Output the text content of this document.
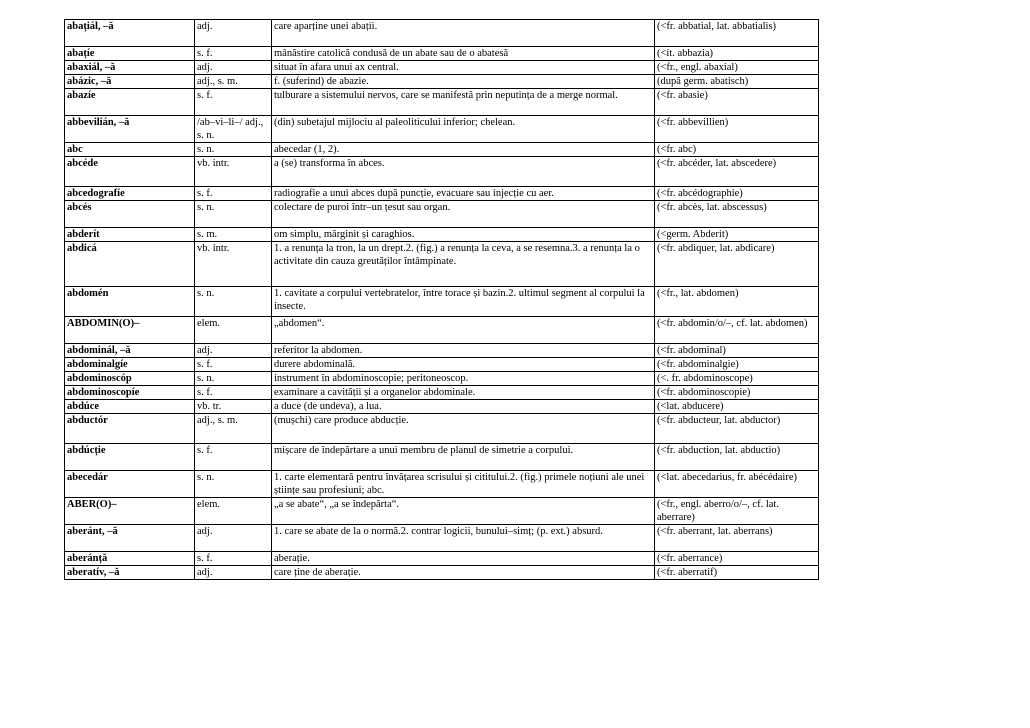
abațiál, –ă	adj.	care aparține unei abații.	(<fr. abbatial, lat. abbatialis)
abațíe	s. f.	mânăstire catolică condusă de un abate sau de o abatesă	(<it. abbazia)
abaxiál, –ă	adj.	situat în afara unui ax central.	(<fr., engl. abaxial)
abázic, –ă	adj., s. m.	f. (suferind) de abazie.	(după germ. abatisch)
abazíe	s. f.	tulburare a sistemului nervos, care se manifestă prin neputința de a merge normal.	(<fr. abasie)
abbevilián, –ă	/ab–vi–li–/ adj., s. n.	(din) subetajul mijlociu al paleoliticului inferior; chelean.	(<fr. abbevillien)
abc	s. n.	abecedar (1, 2).	(<fr. abc)
abcéde	vb. intr.	a (se) transforma în abces.	(<fr. abcéder, lat. abscedere)
abcedografíe	s. f.	radiografie a unui abces după puncție, evacuare sau injecție cu aer.	(<fr. abcédographie)
abcés	s. n.	colectare de puroi într–un țesut sau organ.	(<fr. abcès, lat. abscessus)
abderít	s. m.	om simplu, mărginit și caraghios.	(<germ. Abderit)
abdicá	vb. intr.	1. a renunța la tron, la un drept.2. (fig.) a renunța la ceva, a se resemna.3. a renunța la o activitate din cauza greutăților întâmpinate.	(<fr. abdiquer, lat. abdicare)
abdomén	s. n.	1. cavitate a corpului vertebratelor, între torace și bazin.2. ultimul segment al corpului la insecte.	(<fr., lat. abdomen)
ABDOMIN(O)–	elem.	„abdomen“.	(<fr. abdomin/o/–, cf. lat. abdomen)
abdominál, –ă	adj.	referitor la abdomen.	(<fr. abdominal)
abdominalgíe	s. f.	durere abdominală.	(<fr. abdominalgie)
abdominoscóp	s. n.	instrument în abdominoscopie; peritoneoscop.	(<. fr. abdominoscope)
abdominoscopíe	s. f.	examinare a cavității și a organelor abdominale.	(<fr. abdominoscopie)
abdúce	vb. tr.	a duce (de undeva), a lua.	(<lat. abducere)
abductór	adj., s. m.	(mușchi) care produce abducție.	(<fr. abducteur, lat. abductor)
abdúcție	s. f.	mișcare de îndepărtare a unui membru de planul de simetrie a corpului.	(<fr. abduction, lat. abductio)
abecedár	s. n.	1. carte elementară pentru învățarea scrisului și cititului.2. (fig.) primele noțiuni ale unei științe sau profesiuni; abc.	(<lat. abecedarius, fr. abécédaire)
ABER(O)–	elem.	„a se abate“, „a se îndepărta“.	(<fr., engl. aberro/o/–, cf. lat. aberrare)
aberánt, –ă	adj.	1. care se abate de la o normă.2. contrar logicii, bunului–simț; (p. ext.) absurd.	(<fr. aberrant, lat. aberrans)
aberánță	s. f.	aberație.	(<fr. aberrance)
aberatív, –ă	adj.	care ține de aberație.	(<fr. aberratif)
